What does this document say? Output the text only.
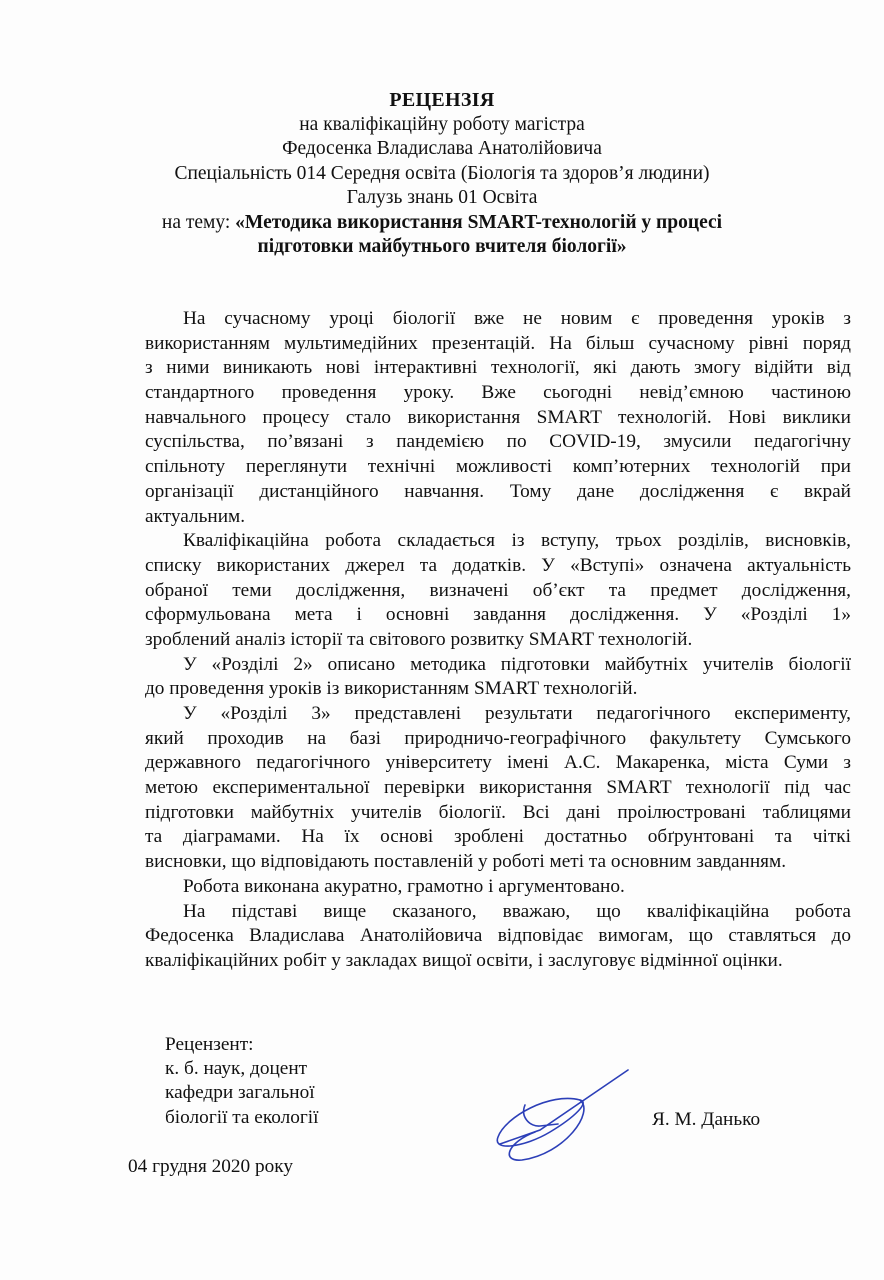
РЕЦЕНЗІЯ
на кваліфікаційну роботу магістра
Федосенка Владислава Анатолійовича
Спеціальність 014 Середня освіта (Біологія та здоров’я людини)
Галузь знань 01 Освіта
на тему: «Методика використання SMART-технологій у процесі
підготовки майбутнього вчителя біології»
На сучасному уроці біології вже не новим є проведення уроків з
використанням мультимедійних презентацій. На більш сучасному рівні поряд
з ними виникають нові інтерактивні технології, які дають змогу відійти від
стандартного проведення уроку. Вже сьогодні невід’ємною частиною
навчального процесу стало використання SMART технологій. Нові виклики
суспільства, по’вязані з пандемією по COVID-19, змусили педагогічну
спільноту переглянути технічні можливості комп’ютерних технологій при
організації дистанційного навчання. Тому дане дослідження є вкрай
актуальним.
Кваліфікаційна робота складається із вступу, трьох розділів, висновків,
списку використаних джерел та додатків. У «Вступі» означена актуальність
обраної теми дослідження, визначені об’єкт та предмет дослідження,
сформульована мета і основні завдання дослідження. У «Розділі 1»
зроблений аналіз історії та світового розвитку SMART технологій.
У «Розділі 2» описано методика підготовки майбутніх учителів біології
до проведення уроків із використанням SMART технологій.
У «Розділі 3» представлені результати педагогічного експерименту,
який проходив на базі природничо-географічного факультету Сумського
державного педагогічного університету імені А.С. Макаренка, міста Суми з
метою експериментальної перевірки використання SMART технології під час
підготовки майбутніх учителів біології. Всі дані проілюстровані таблицями
та діаграмами. На їх основі зроблені достатньо обґрунтовані та чіткі
висновки, що відповідають поставленій у роботі меті та основним завданням.
Робота виконана акуратно, грамотно і аргументовано.
На підставі вище сказаного, вважаю, що кваліфікаційна робота
Федосенка Владислава Анатолійовича відповідає вимогам, що ставляться до
кваліфікаційних робіт у закладах вищої освіти, і заслуговує відмінної оцінки.
Рецензент:
к. б. наук, доцент
кафедри загальної
біології та екології	Я. М. Данько
04 грудня 2020 року
